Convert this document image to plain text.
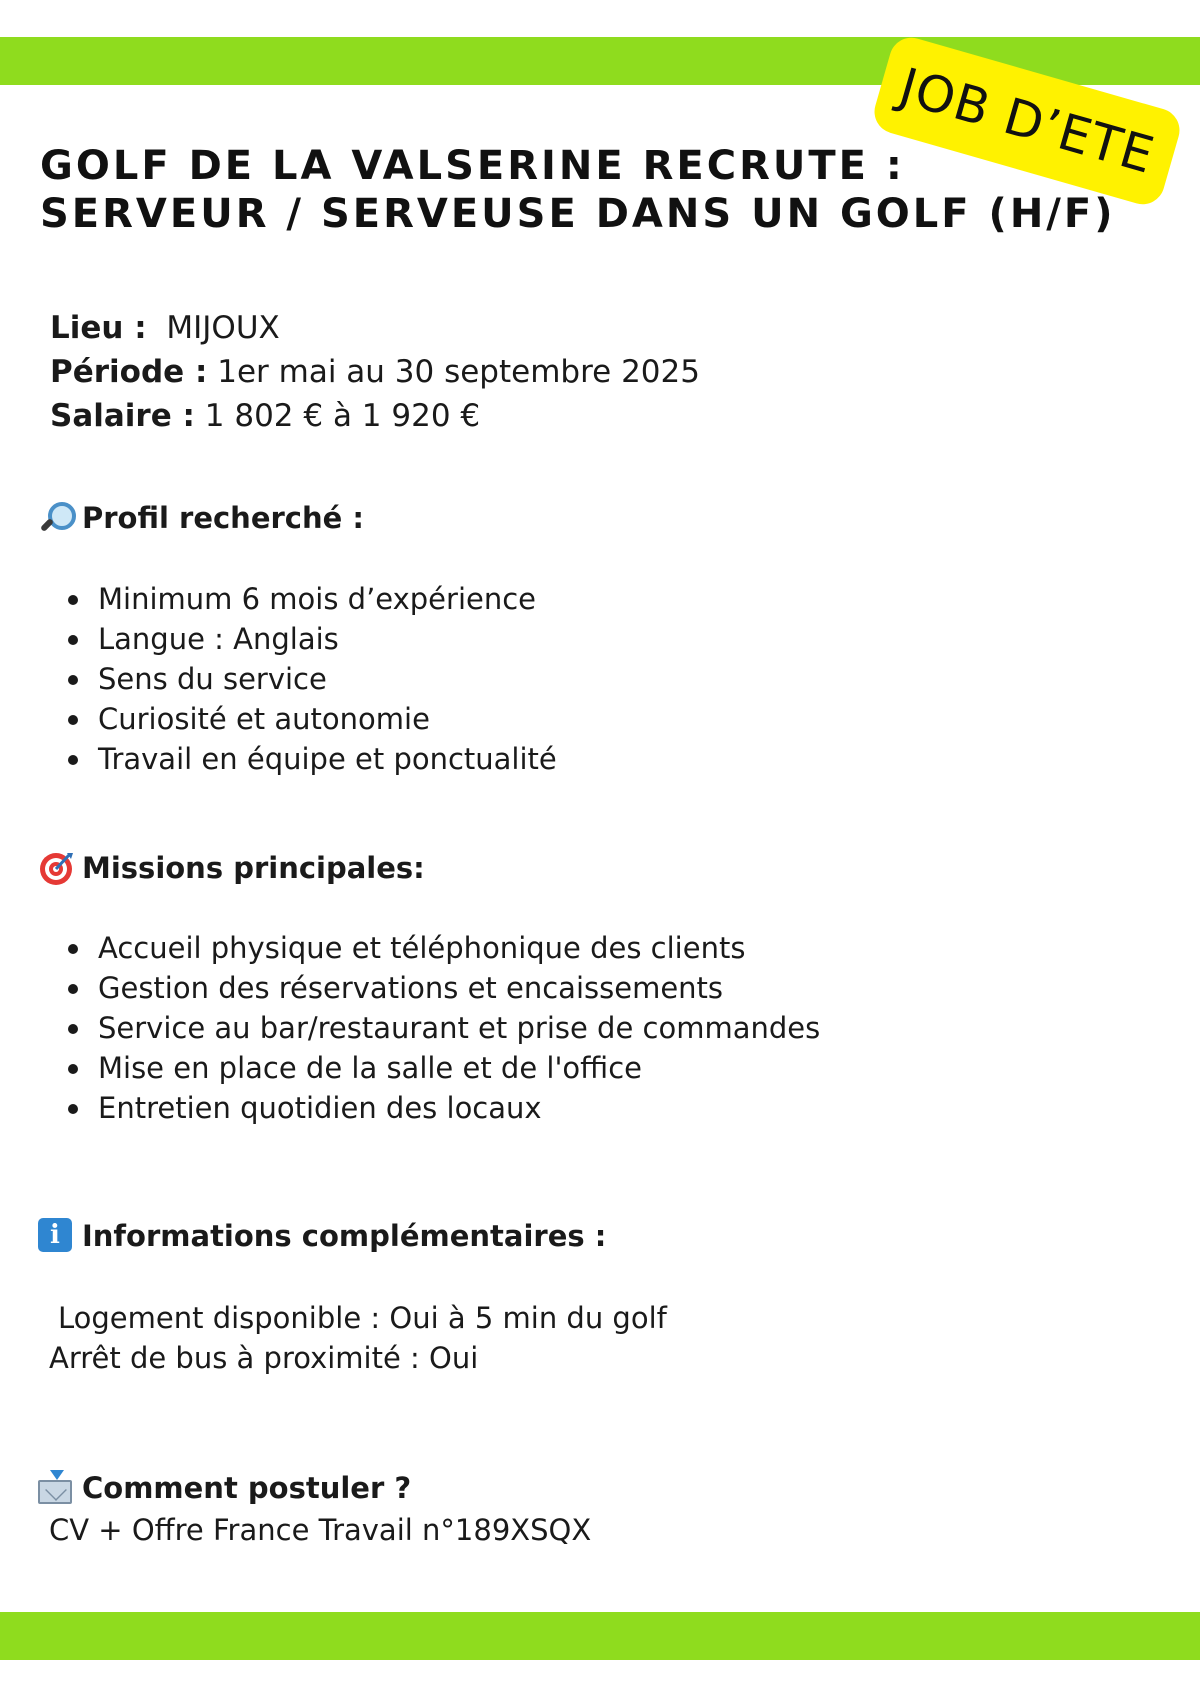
JOB D’ETE
GOLF DE LA VALSERINE RECRUTE :
SERVEUR / SERVEUSE DANS UN GOLF (H/F)
Lieu : MIJOUX
Période : 1er mai au 30 septembre 2025
Salaire : 1 802 € à 1 920 €
Profil recherché :
Minimum 6 mois d’expérience
Langue : Anglais
Sens du service
Curiosité et autonomie
Travail en équipe et ponctualité
Missions principales:
Accueil physique et téléphonique des clients
Gestion des réservations et encaissements
Service au bar/restaurant et prise de commandes
Mise en place de la salle et de l'office
Entretien quotidien des locaux
i Informations complémentaires :
Logement disponible : Oui à 5 min du golf
Arrêt de bus à proximité : Oui
Comment postuler ?
CV + Offre France Travail n°189XSQX
